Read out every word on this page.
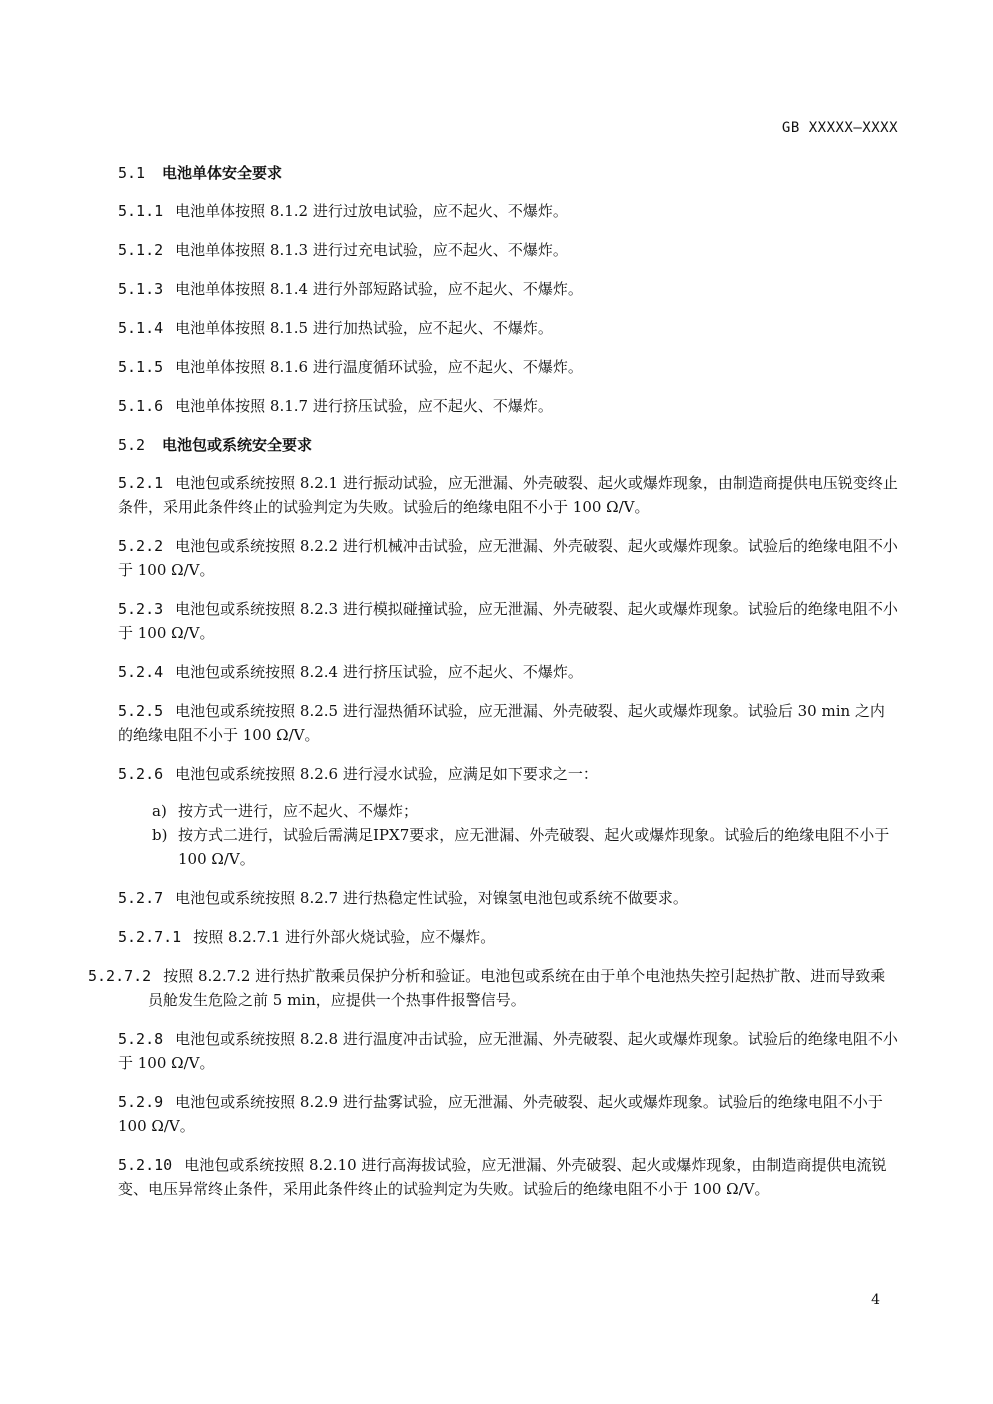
GB XXXXX—XXXX
5.1 电池单体安全要求

5.1.1 电池单体按照 8.1.2 进行过放电试验，应不起火、不爆炸。

5.1.2 电池单体按照 8.1.3 进行过充电试验，应不起火、不爆炸。

5.1.3 电池单体按照 8.1.4 进行外部短路试验，应不起火、不爆炸。

5.1.4 电池单体按照 8.1.5 进行加热试验，应不起火、不爆炸。

5.1.5 电池单体按照 8.1.6 进行温度循环试验，应不起火、不爆炸。

5.1.6 电池单体按照 8.1.7 进行挤压试验，应不起火、不爆炸。

5.2 电池包或系统安全要求

5.2.1 电池包或系统按照 8.2.1 进行振动试验，应无泄漏、外壳破裂、起火或爆炸现象，由制造商提供电压锐变终止条件，采用此条件终止的试验判定为失败。试验后的绝缘电阻不小于 100 Ω/V。

5.2.2 电池包或系统按照 8.2.2 进行机械冲击试验，应无泄漏、外壳破裂、起火或爆炸现象。试验后的绝缘电阻不小于 100 Ω/V。

5.2.3 电池包或系统按照 8.2.3 进行模拟碰撞试验，应无泄漏、外壳破裂、起火或爆炸现象。试验后的绝缘电阻不小于 100 Ω/V。

5.2.4 电池包或系统按照 8.2.4 进行挤压试验，应不起火、不爆炸。

5.2.5 电池包或系统按照 8.2.5 进行湿热循环试验，应无泄漏、外壳破裂、起火或爆炸现象。试验后 30 min 之内的绝缘电阻不小于 100 Ω/V。

5.2.6 电池包或系统按照 8.2.6 进行浸水试验，应满足如下要求之一：

a) 按方式一进行，应不起火、不爆炸；

b) 按方式二进行，试验后需满足IPX7要求，应无泄漏、外壳破裂、起火或爆炸现象。试验后的绝缘电阻不小于100 Ω/V。

5.2.7 电池包或系统按照 8.2.7 进行热稳定性试验，对镍氢电池包或系统不做要求。

5.2.7.1 按照 8.2.7.1 进行外部火烧试验，应不爆炸。

5.2.7.2 按照 8.2.7.2 进行热扩散乘员保护分析和验证。电池包或系统在由于单个电池热失控引起热扩散、进而导致乘员舱发生危险之前 5 min，应提供一个热事件报警信号。

5.2.8 电池包或系统按照 8.2.8 进行温度冲击试验，应无泄漏、外壳破裂、起火或爆炸现象。试验后的绝缘电阻不小于 100 Ω/V。

5.2.9 电池包或系统按照 8.2.9 进行盐雾试验，应无泄漏、外壳破裂、起火或爆炸现象。试验后的绝缘电阻不小于 100 Ω/V。

5.2.10 电池包或系统按照 8.2.10 进行高海拔试验，应无泄漏、外壳破裂、起火或爆炸现象，由制造商提供电流锐变、电压异常终止条件，采用此条件终止的试验判定为失败。试验后的绝缘电阻不小于 100 Ω/V。

4
